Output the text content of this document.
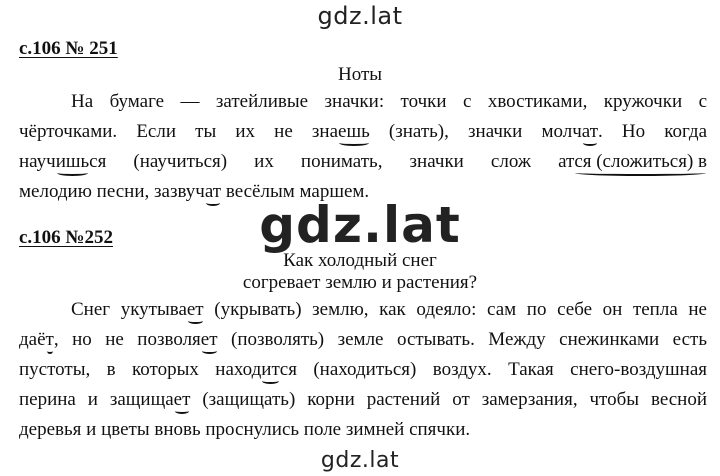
gdz.lat
с.106 № 251
Ноты
На бумаге — затейливые значки: точки с хвостиками, кружочки с
чёрточками. Если ты их не знаешь (знать), значки молчат. Но когда
научишься (научиться) их понимать, значки слож атся (сложиться) в
мелодию песни, зазвучат весёлым маршем.
gdz.lat
с.106 №252
Как холодный снег
согревает землю и растения?
Снег укутывает (укрывать) землю, как одеяло: сам по себе он тепла не
даёт, но не позволяет (позволять) земле остывать. Между снежинками есть
пустоты, в которых находится (находиться) воздух. Такая снего-воздушная
перина и защищает (защищать) корни растений от замерзания, чтобы весной
деревья и цветы вновь проснулись поле зимней спячки.
gdz.lat
